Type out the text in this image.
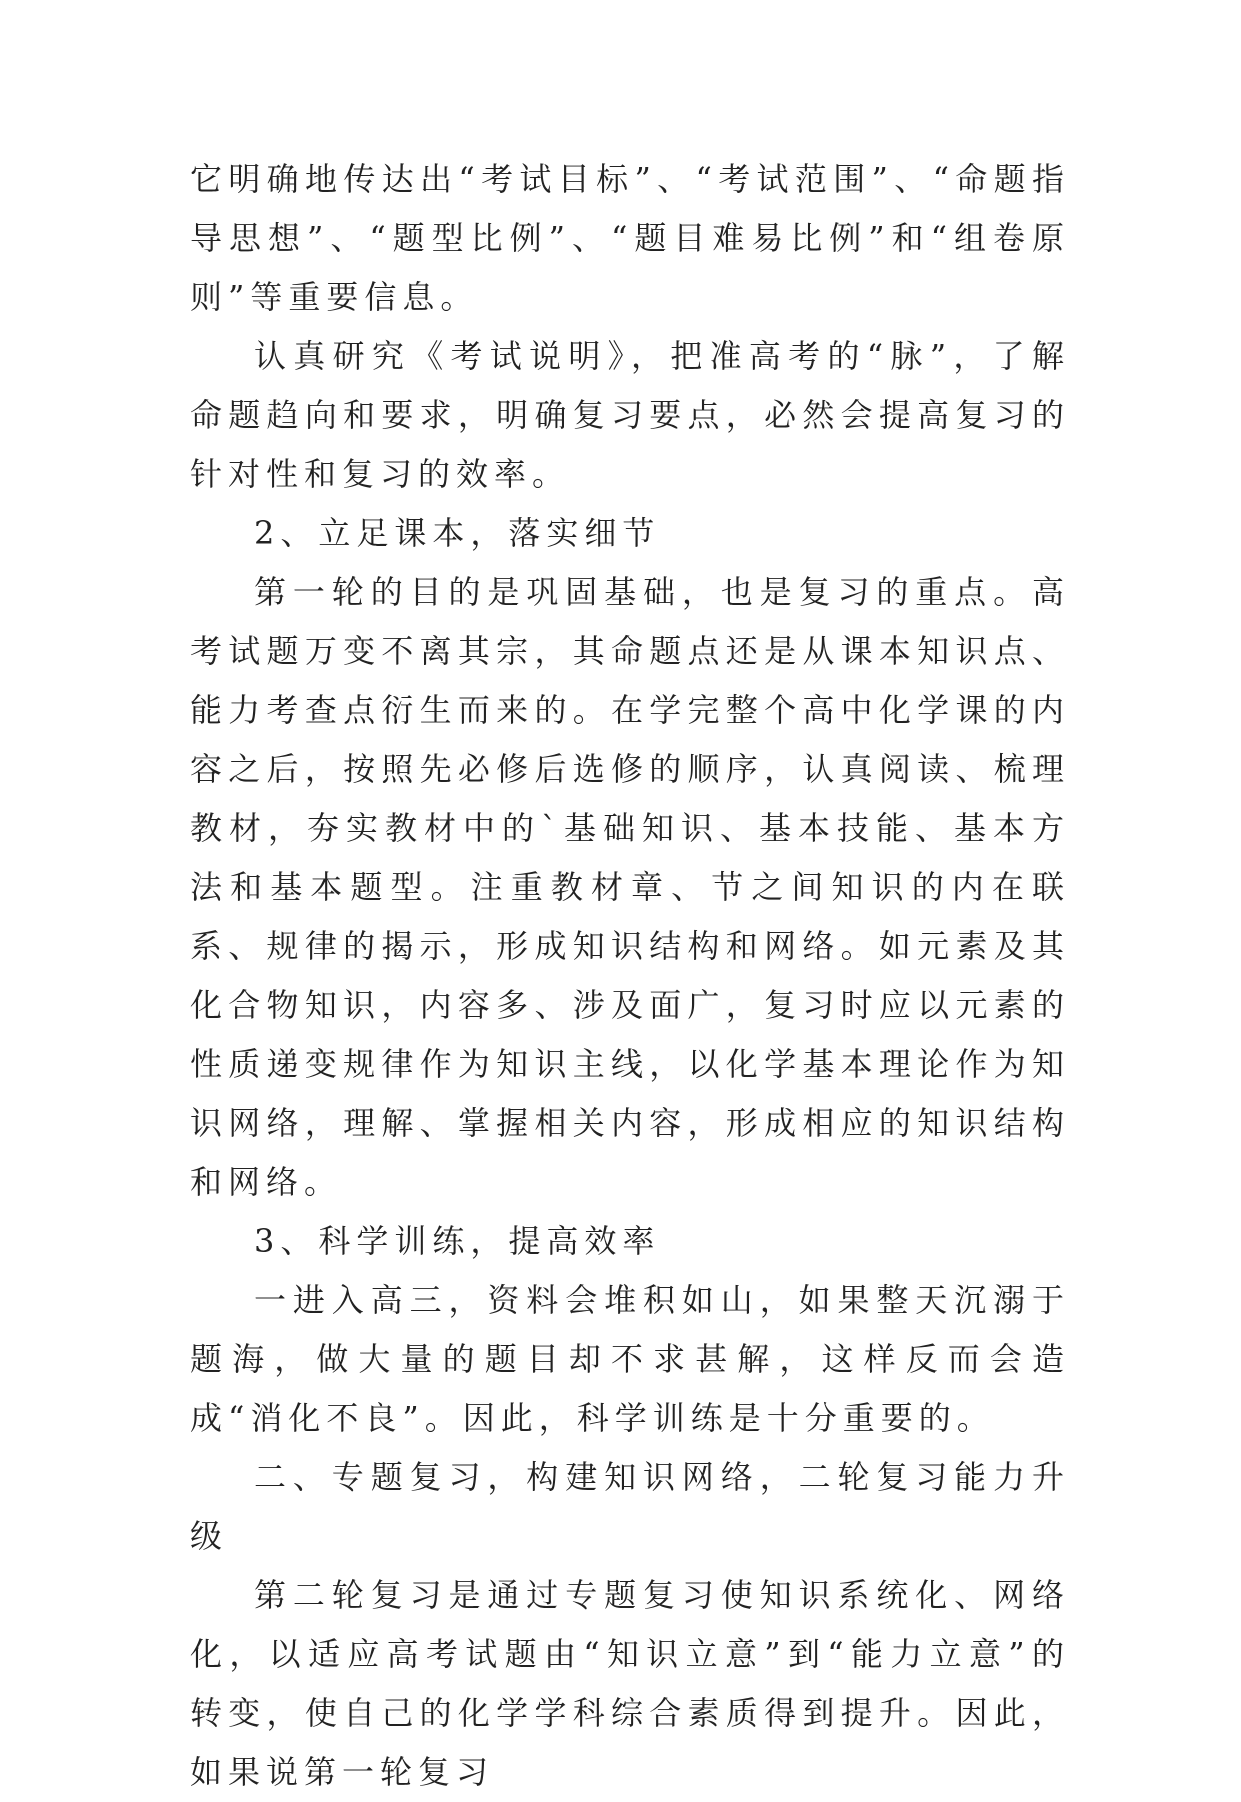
它明确地传达出“考试目标”、“考试范围”、“命题指导思想”、“题型比例”、“题目难易比例”和“组卷原则”等重要信息。

认真研究《考试说明》，把准高考的“脉”，了解命题趋向和要求，明确复习要点，必然会提高复习的针对性和复习的效率。

2、立足课本，落实细节

第一轮的目的是巩固基础，也是复习的重点。高考试题万变不离其宗，其命题点还是从课本知识点、能力考查点衍生而来的。在学完整个高中化学课的内容之后，按照先必修后选修的顺序，认真阅读、梳理教材，夯实教材中的`基础知识、基本技能、基本方法和基本题型。注重教材章、节之间知识的内在联系、规律的揭示，形成知识结构和网络。如元素及其化合物知识，内容多、涉及面广，复习时应以元素的性质递变规律作为知识主线，以化学基本理论作为知识网络，理解、掌握相关内容，形成相应的知识结构和网络。

3、科学训练，提高效率

一进入高三，资料会堆积如山，如果整天沉溺于题海，做大量的题目却不求甚解，这样反而会造成“消化不良”。因此，科学训练是十分重要的。

二、专题复习，构建知识网络，二轮复习能力升级

第二轮复习是通过专题复习使知识系统化、网络化，以适应高考试题由“知识立意”到“能力立意”的转变，使自己的化学学科综合素质得到提升。因此，如果说第一轮复习
